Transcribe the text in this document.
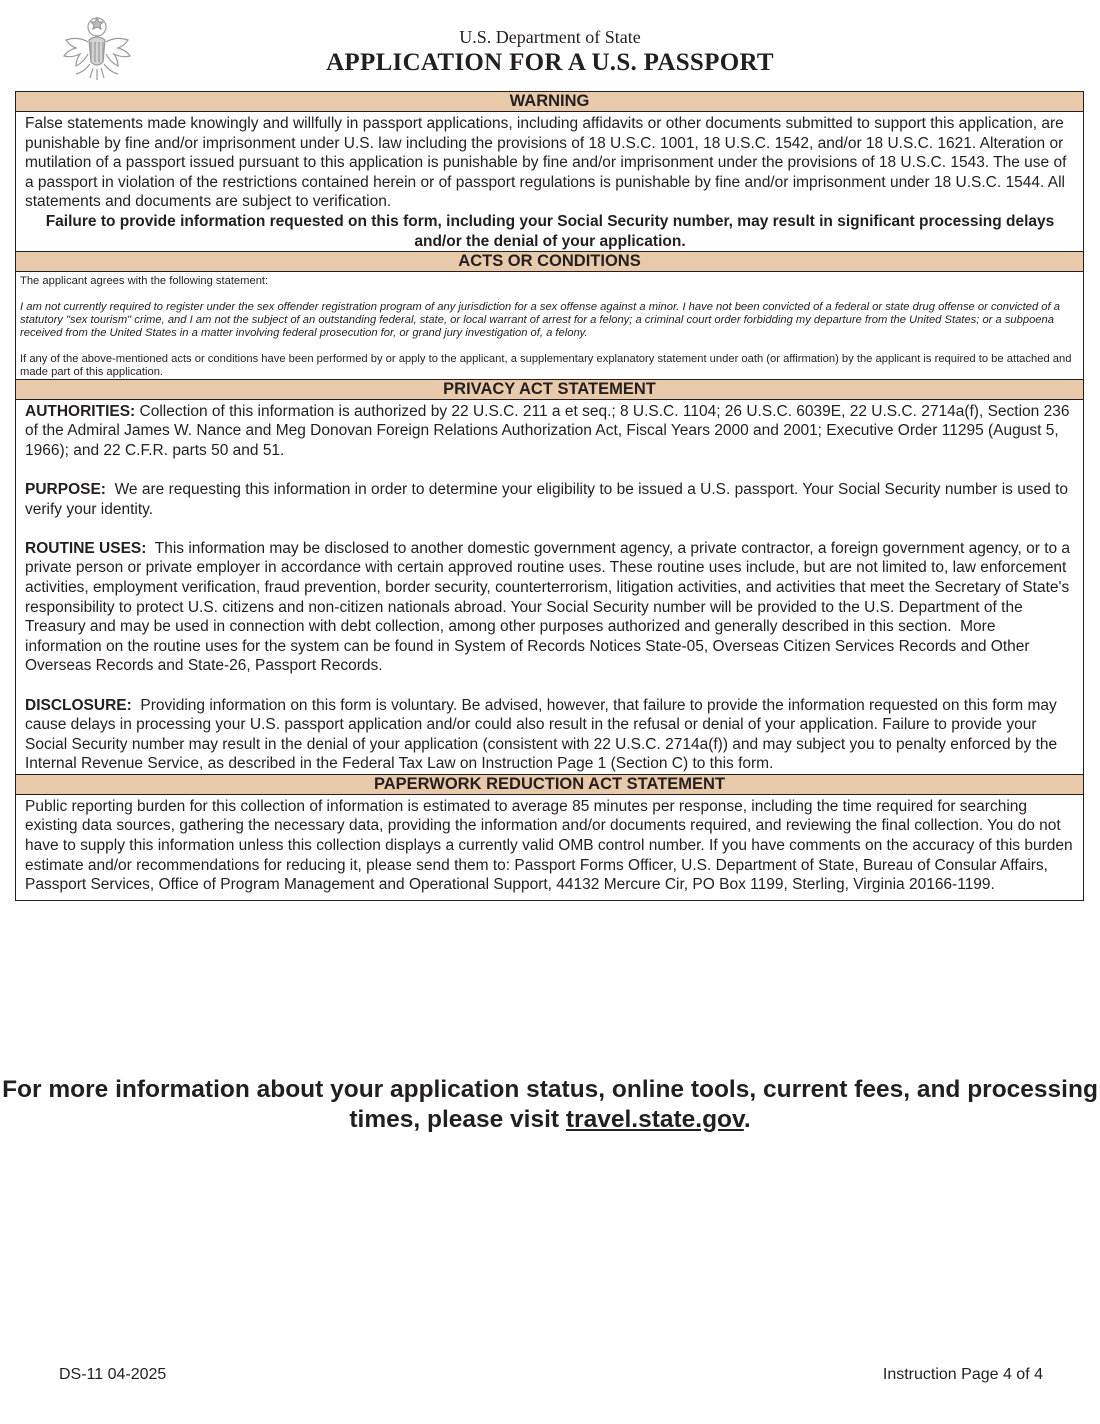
U.S. Department of State
APPLICATION FOR A U.S. PASSPORT
WARNING

False statements made knowingly and willfully in passport applications, including affidavits or other documents submitted to support this application, are punishable by fine and/or imprisonment under U.S. law including the provisions of 18 U.S.C. 1001, 18 U.S.C. 1542, and/or 18 U.S.C. 1621. Alteration or mutilation of a passport issued pursuant to this application is punishable by fine and/or imprisonment under the provisions of 18 U.S.C. 1543. The use of a passport in violation of the restrictions contained herein or of passport regulations is punishable by fine and/or imprisonment under 18 U.S.C. 1544. All statements and documents are subject to verification.

Failure to provide information requested on this form, including your Social Security number, may result in significant processing delays and/or the denial of your application.

ACTS OR CONDITIONS

The applicant agrees with the following statement:

I am not currently required to register under the sex offender registration program of any jurisdiction for a sex offense against a minor. I have not been convicted of a federal or state drug offense or convicted of a statutory "sex tourism" crime, and I am not the subject of an outstanding federal, state, or local warrant of arrest for a felony; a criminal court order forbidding my departure from the United States; or a subpoena received from the United States in a matter involving federal prosecution for, or grand jury investigation of, a felony.

If any of the above-mentioned acts or conditions have been performed by or apply to the applicant, a supplementary explanatory statement under oath (or affirmation) by the applicant is required to be attached and made part of this application.

PRIVACY ACT STATEMENT

AUTHORITIES: Collection of this information is authorized by 22 U.S.C. 211 a et seq.; 8 U.S.C. 1104; 26 U.S.C. 6039E, 22 U.S.C. 2714a(f), Section 236 of the Admiral James W. Nance and Meg Donovan Foreign Relations Authorization Act, Fiscal Years 2000 and 2001; Executive Order 11295 (August 5, 1966); and 22 C.F.R. parts 50 and 51.

PURPOSE:  We are requesting this information in order to determine your eligibility to be issued a U.S. passport. Your Social Security number is used to verify your identity.

ROUTINE USES:  This information may be disclosed to another domestic government agency, a private contractor, a foreign government agency, or to a private person or private employer in accordance with certain approved routine uses. These routine uses include, but are not limited to, law enforcement activities, employment verification, fraud prevention, border security, counterterrorism, litigation activities, and activities that meet the Secretary of State's responsibility to protect U.S. citizens and non-citizen nationals abroad. Your Social Security number will be provided to the U.S. Department of the Treasury and may be used in connection with debt collection, among other purposes authorized and generally described in this section.  More information on the routine uses for the system can be found in System of Records Notices State-05, Overseas Citizen Services Records and Other Overseas Records and State-26, Passport Records.

DISCLOSURE:  Providing information on this form is voluntary. Be advised, however, that failure to provide the information requested on this form may cause delays in processing your U.S. passport application and/or could also result in the refusal or denial of your application. Failure to provide your Social Security number may result in the denial of your application (consistent with 22 U.S.C. 2714a(f)) and may subject you to penalty enforced by the Internal Revenue Service, as described in the Federal Tax Law on Instruction Page 1 (Section C) to this form.

PAPERWORK REDUCTION ACT STATEMENT

Public reporting burden for this collection of information is estimated to average 85 minutes per response, including the time required for searching existing data sources, gathering the necessary data, providing the information and/or documents required, and reviewing the final collection. You do not have to supply this information unless this collection displays a currently valid OMB control number. If you have comments on the accuracy of this burden estimate and/or recommendations for reducing it, please send them to: Passport Forms Officer, U.S. Department of State, Bureau of Consular Affairs, Passport Services, Office of Program Management and Operational Support, 44132 Mercure Cir, PO Box 1199, Sterling, Virginia 20166-1199.

For more information about your application status, online tools, current fees, and processing times, please visit travel.state.gov.
DS-11 04-2025	Instruction Page 4 of 4
